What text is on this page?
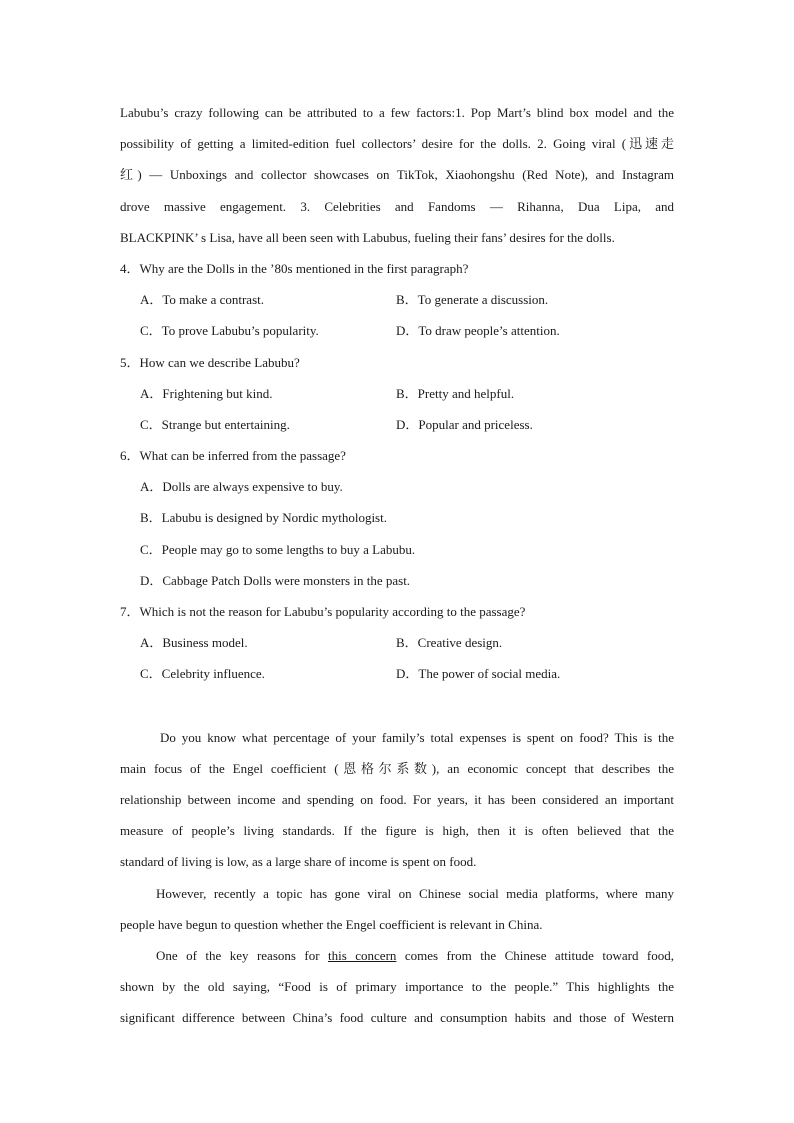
Labubu’s crazy following can be attributed to a few factors:1. Pop Mart’s blind box model and the

possibility of getting a limited-edition fuel collectors’ desire for the dolls. 2. Going viral (迅速走

红) — Unboxings and collector showcases on TikTok, Xiaohongshu (Red Note), and Instagram

drove massive engagement. 3. Celebrities and Fandoms — Rihanna, Dua Lipa, and

BLACKPINK’ s Lisa, have all been seen with Labubus, fueling their fans’ desires for the dolls.

4．Why are the Dolls in the ’80s mentioned in the first paragraph?

A．To make a contrast.	B．To generate a discussion.
C．To prove Labubu’s popularity.	D．To draw people’s attention.

5．How can we describe Labubu?

A．Frightening but kind.	B．Pretty and helpful.
C．Strange but entertaining.	D．Popular and priceless.

6．What can be inferred from the passage?

A．Dolls are always expensive to buy.

B．Labubu is designed by Nordic mythologist.

C．People may go to some lengths to buy a Labubu.

D．Cabbage Patch Dolls were monsters in the past.

7．Which is not the reason for Labubu’s popularity according to the passage?

A．Business model.	B．Creative design.
C．Celebrity influence.	D．The power of social media.

Do you know what percentage of your family’s total expenses is spent on food? This is the

main focus of the Engel coefficient (恩格尔系数), an economic concept that describes the

relationship between income and spending on food. For years, it has been considered an important

measure of people’s living standards. If the figure is high, then it is often believed that the

standard of living is low, as a large share of income is spent on food.

However, recently a topic has gone viral on Chinese social media platforms, where many

people have begun to question whether the Engel coefficient is relevant in China.

One of the key reasons for this concern comes from the Chinese attitude toward food,

shown by the old saying, “Food is of primary importance to the people.” This highlights the

significant difference between China’s food culture and consumption habits and those of Western
